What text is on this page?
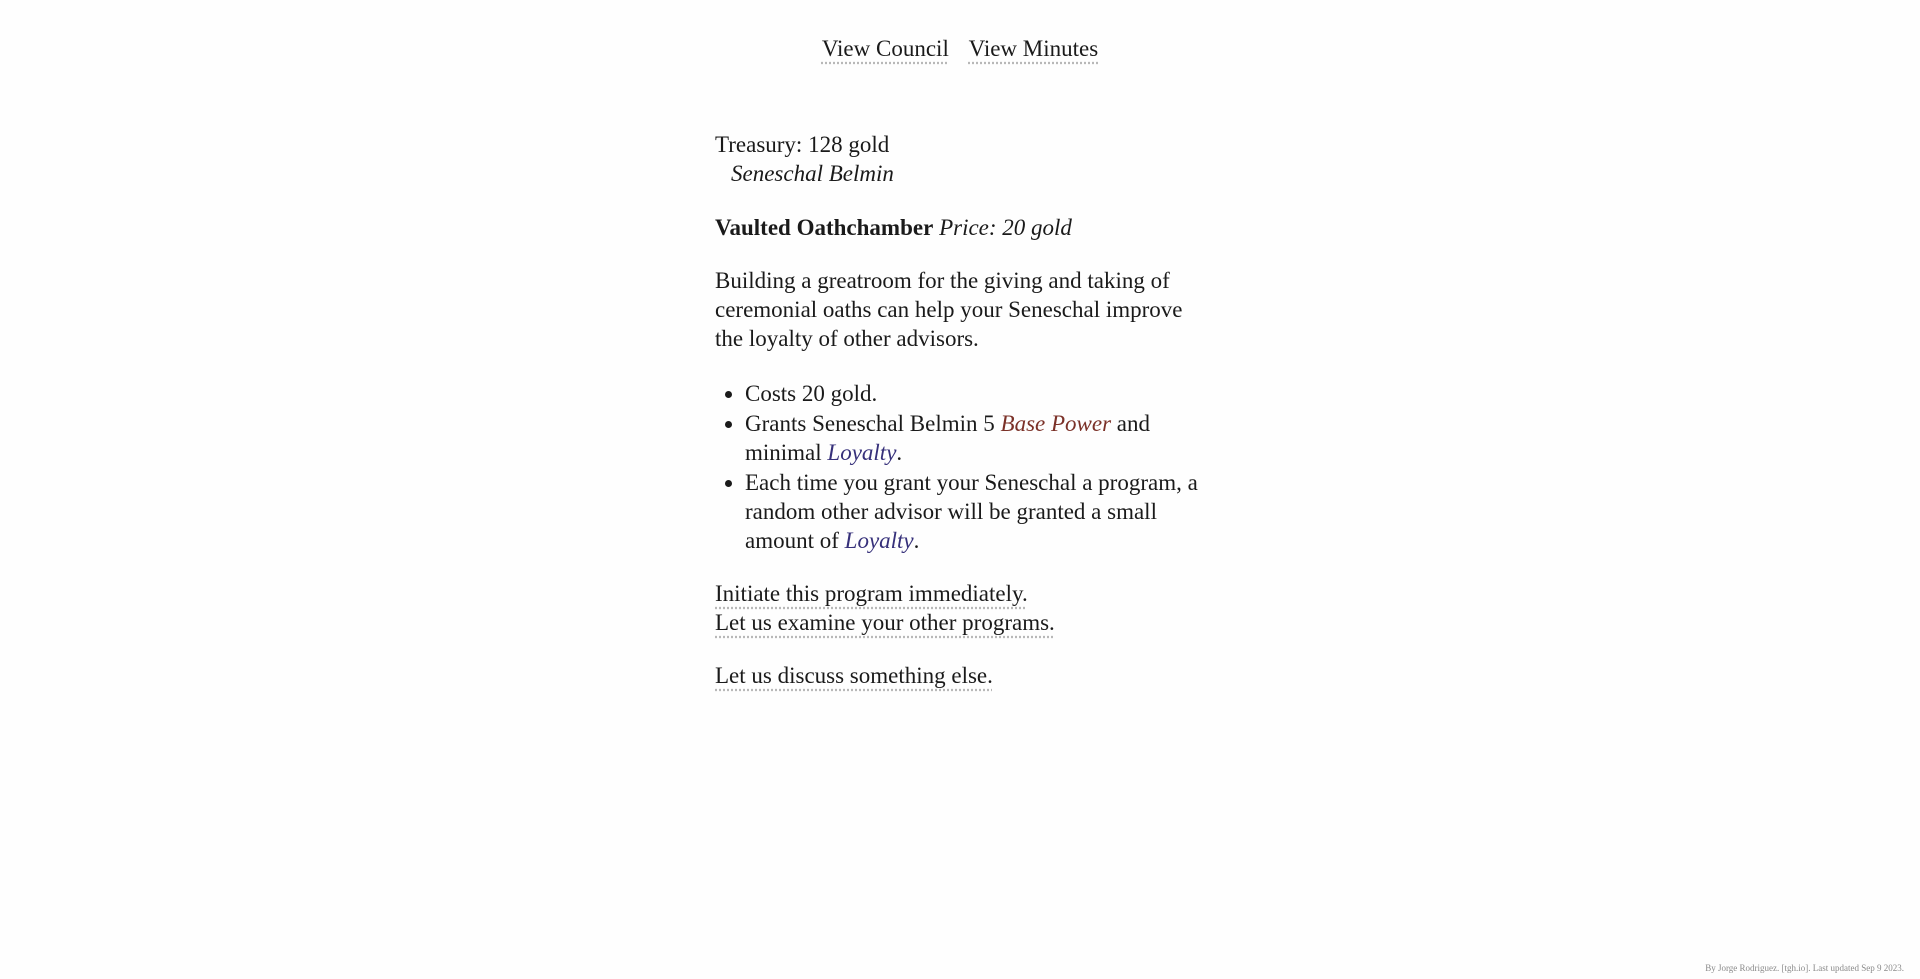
View Council View Minutes

Treasury: 128 gold

Seneschal Belmin

Vaulted Oathchamber Price: 20 gold

Building a greatroom for the giving and taking of ceremonial oaths can help your Seneschal improve the loyalty of other advisors.

• Costs 20 gold.
• Grants Seneschal Belmin 5 Base Power and minimal Loyalty.
• Each time you grant your Seneschal a program, a random other advisor will be granted a small amount of Loyalty.
Initiate this program immediately.
Let us examine your other programs.
Let us discuss something else.
By Jorge Rodriguez. [tgh.io]. Last updated Sep 9 2023.
